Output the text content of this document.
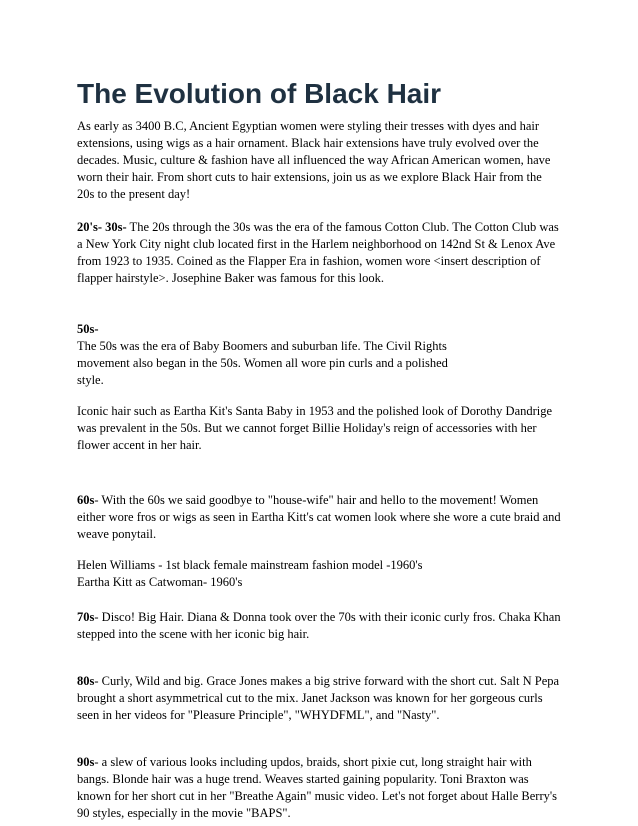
The Evolution of Black Hair

As early as 3400 B.C, Ancient Egyptian women were styling their tresses with dyes and hair extensions, using wigs as a hair ornament. Black hair extensions have truly evolved over the decades. Music, culture & fashion have all influenced the way African American women, have worn their hair. From short cuts to hair extensions, join us as we explore Black Hair from the 20s to the present day!

20's- 30s- The 20s through the 30s was the era of the famous Cotton Club. The Cotton Club was a New York City night club located first in the Harlem neighborhood on 142nd St & Lenox Ave from 1923 to 1935. Coined as the Flapper Era in fashion, women wore <insert description of flapper hairstyle>. Josephine Baker was famous for this look.

50s-

The 50s was the era of Baby Boomers and suburban life. The Civil Rights movement also began in the 50s. Women all wore pin curls and a polished style.

Iconic hair such as Eartha Kit's Santa Baby in 1953 and the polished look of Dorothy Dandrige was prevalent in the 50s. But we cannot forget Billie Holiday's reign of accessories with her flower accent in her hair.

60s- With the 60s we said goodbye to "house-wife" hair and hello to the movement! Women either wore fros or wigs as seen in Eartha Kitt's cat women look where she wore a cute braid and weave ponytail.

Helen Williams - 1st black female mainstream fashion model -1960's

Eartha Kitt as Catwoman- 1960's

70s- Disco! Big Hair. Diana & Donna took over the 70s with their iconic curly fros. Chaka Khan stepped into the scene with her iconic big hair.

80s- Curly, Wild and big. Grace Jones makes a big strive forward with the short cut. Salt N Pepa brought a short asymmetrical cut to the mix. Janet Jackson was known for her gorgeous curls seen in her videos for "Pleasure Principle", "WHYDFML", and "Nasty".

90s- a slew of various looks including updos, braids, short pixie cut, long straight hair with bangs. Blonde hair was a huge trend. Weaves started gaining popularity. Toni Braxton was known for her short cut in her "Breathe Again" music video. Let's not forget about Halle Berry's 90 styles, especially in the movie "BAPS".
